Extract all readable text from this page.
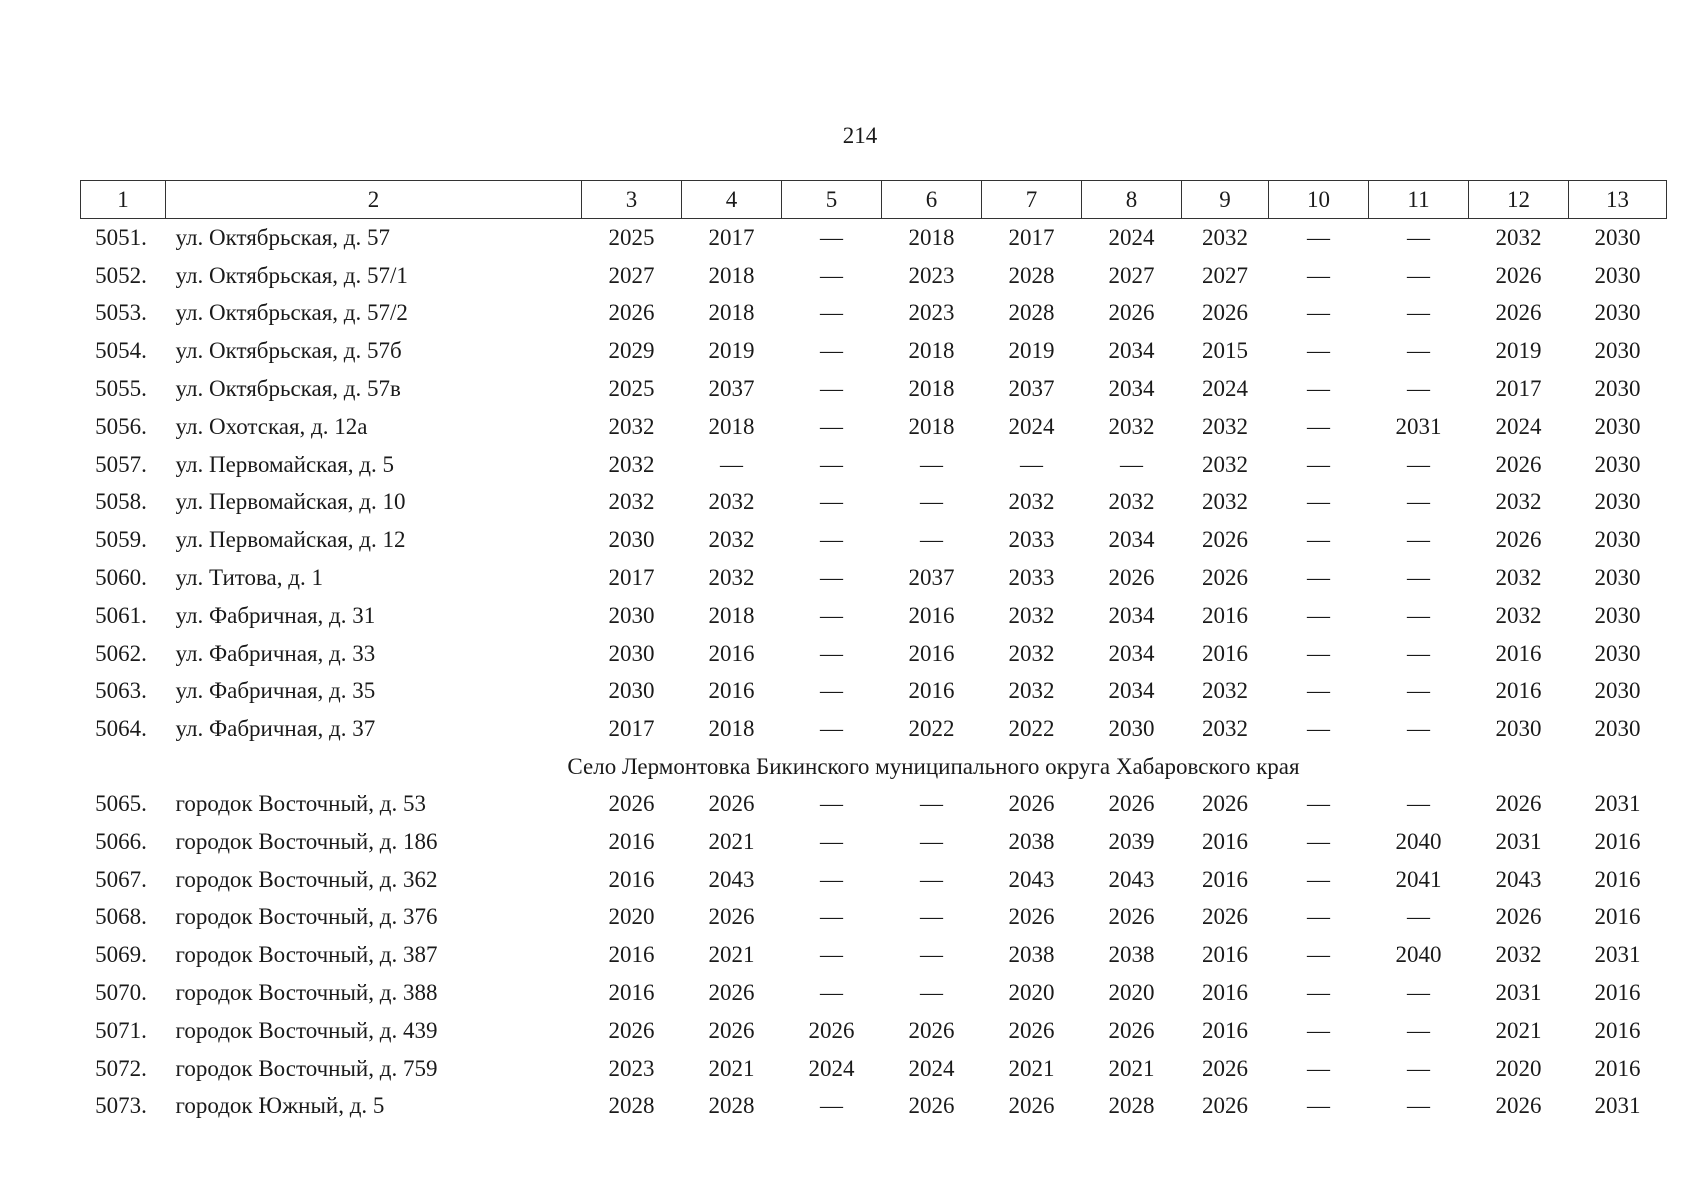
214
1	2	3	4	5	6	7	8	9	10	11	12	13
5051.	ул. Октябрьская, д. 57	2025	2017	—	2018	2017	2024	2032	—	—	2032	2030
5052.	ул. Октябрьская, д. 57/1	2027	2018	—	2023	2028	2027	2027	—	—	2026	2030
5053.	ул. Октябрьская, д. 57/2	2026	2018	—	2023	2028	2026	2026	—	—	2026	2030
5054.	ул. Октябрьская, д. 57б	2029	2019	—	2018	2019	2034	2015	—	—	2019	2030
5055.	ул. Октябрьская, д. 57в	2025	2037	—	2018	2037	2034	2024	—	—	2017	2030
5056.	ул. Охотская, д. 12а	2032	2018	—	2018	2024	2032	2032	—	2031	2024	2030
5057.	ул. Первомайская, д. 5	2032	—	—	—	—	—	2032	—	—	2026	2030
5058.	ул. Первомайская, д. 10	2032	2032	—	—	2032	2032	2032	—	—	2032	2030
5059.	ул. Первомайская, д. 12	2030	2032	—	—	2033	2034	2026	—	—	2026	2030
5060.	ул. Титова, д. 1	2017	2032	—	2037	2033	2026	2026	—	—	2032	2030
5061.	ул. Фабричная, д. 31	2030	2018	—	2016	2032	2034	2016	—	—	2032	2030
5062.	ул. Фабричная, д. 33	2030	2016	—	2016	2032	2034	2016	—	—	2016	2030
5063.	ул. Фабричная, д. 35	2030	2016	—	2016	2032	2034	2032	—	—	2016	2030
5064.	ул. Фабричная, д. 37	2017	2018	—	2022	2022	2030	2032	—	—	2030	2030
Село Лермонтовка Бикинского муниципального округа Хабаровского края												
5065.	городок Восточный, д. 53	2026	2026	—	—	2026	2026	2026	—	—	2026	2031
5066.	городок Восточный, д. 186	2016	2021	—	—	2038	2039	2016	—	2040	2031	2016
5067.	городок Восточный, д. 362	2016	2043	—	—	2043	2043	2016	—	2041	2043	2016
5068.	городок Восточный, д. 376	2020	2026	—	—	2026	2026	2026	—	—	2026	2016
5069.	городок Восточный, д. 387	2016	2021	—	—	2038	2038	2016	—	2040	2032	2031
5070.	городок Восточный, д. 388	2016	2026	—	—	2020	2020	2016	—	—	2031	2016
5071.	городок Восточный, д. 439	2026	2026	2026	2026	2026	2026	2016	—	—	2021	2016
5072.	городок Восточный, д. 759	2023	2021	2024	2024	2021	2021	2026	—	—	2020	2016
5073.	городок Южный, д. 5	2028	2028	—	2026	2026	2028	2026	—	—	2026	2031
